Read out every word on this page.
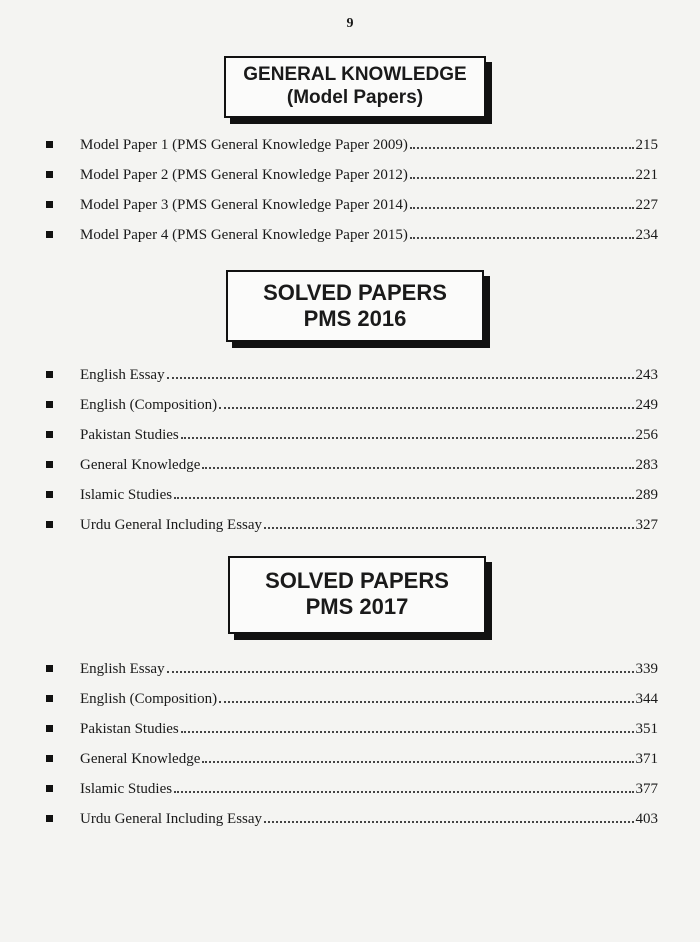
9
GENERAL KNOWLEDGE
(Model Papers)
Model Paper 1 (PMS General Knowledge Paper 2009)	215
Model Paper 2 (PMS General Knowledge Paper 2012)	221
Model Paper 3 (PMS General Knowledge Paper 2014)	227
Model Paper 4 (PMS General Knowledge Paper 2015)	234
SOLVED PAPERS
PMS 2016
English Essay	243
English (Composition)	249
Pakistan Studies	256
General Knowledge	283
Islamic Studies	289
Urdu General Including Essay	327
SOLVED PAPERS
PMS 2017
English Essay	339
English (Composition)	344
Pakistan Studies	351
General Knowledge	371
Islamic Studies	377
Urdu General Including Essay	403
